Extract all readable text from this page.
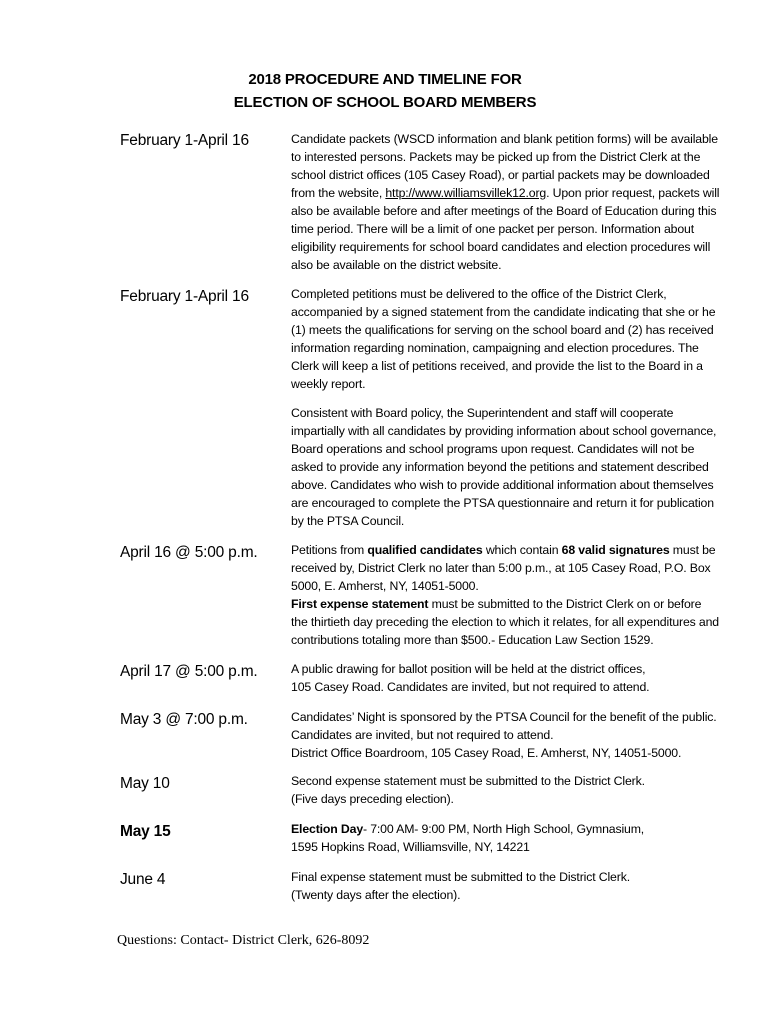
2018 PROCEDURE AND TIMELINE FOR
ELECTION OF SCHOOL BOARD MEMBERS
February 1-April 16	Candidate packets (WSCD information and blank petition forms) will be available to interested persons. Packets may be picked up from the District Clerk at the school district offices (105 Casey Road), or partial packets may be downloaded from the website, http://www.williamsvillek12.org. Upon prior request, packets will also be available before and after meetings of the Board of Education during this time period. There will be a limit of one packet per person. Information about eligibility requirements for school board candidates and election procedures will also be available on the district website.

February 1-April 16	Completed petitions must be delivered to the office of the District Clerk, accompanied by a signed statement from the candidate indicating that she or he (1) meets the qualifications for serving on the school board and (2) has received information regarding nomination, campaigning and election procedures. The Clerk will keep a list of petitions received, and provide the list to the Board in a weekly report.

Consistent with Board policy, the Superintendent and staff will cooperate impartially with all candidates by providing information about school governance, Board operations and school programs upon request. Candidates will not be asked to provide any information beyond the petitions and statement described above. Candidates who wish to provide additional information about themselves are encouraged to complete the PTSA questionnaire and return it for publication by the PTSA Council.

April 16 @ 5:00 p.m.	Petitions from qualified candidates which contain 68 valid signatures must be received by, District Clerk no later than 5:00 p.m., at 105 Casey Road, P.O. Box 5000, E. Amherst, NY, 14051-5000.

First expense statement must be submitted to the District Clerk on or before the thirtieth day preceding the election to which it relates, for all expenditures and contributions totaling more than $500.- Education Law Section 1529.

April 17 @ 5:00 p.m.	A public drawing for ballot position will be held at the district offices,

105 Casey Road. Candidates are invited, but not required to attend.

May 3 @ 7:00 p.m.	Candidates’ Night is sponsored by the PTSA Council for the benefit of the public. Candidates are invited, but not required to attend.

District Office Boardroom, 105 Casey Road, E. Amherst, NY, 14051-5000.

May 10	Second expense statement must be submitted to the District Clerk.

(Five days preceding election).

May 15	Election Day- 7:00 AM- 9:00 PM, North High School, Gymnasium,

1595 Hopkins Road, Williamsville, NY, 14221

June 4	Final expense statement must be submitted to the District Clerk.

(Twenty days after the election).

Questions: Contact- District Clerk, 626-8092
